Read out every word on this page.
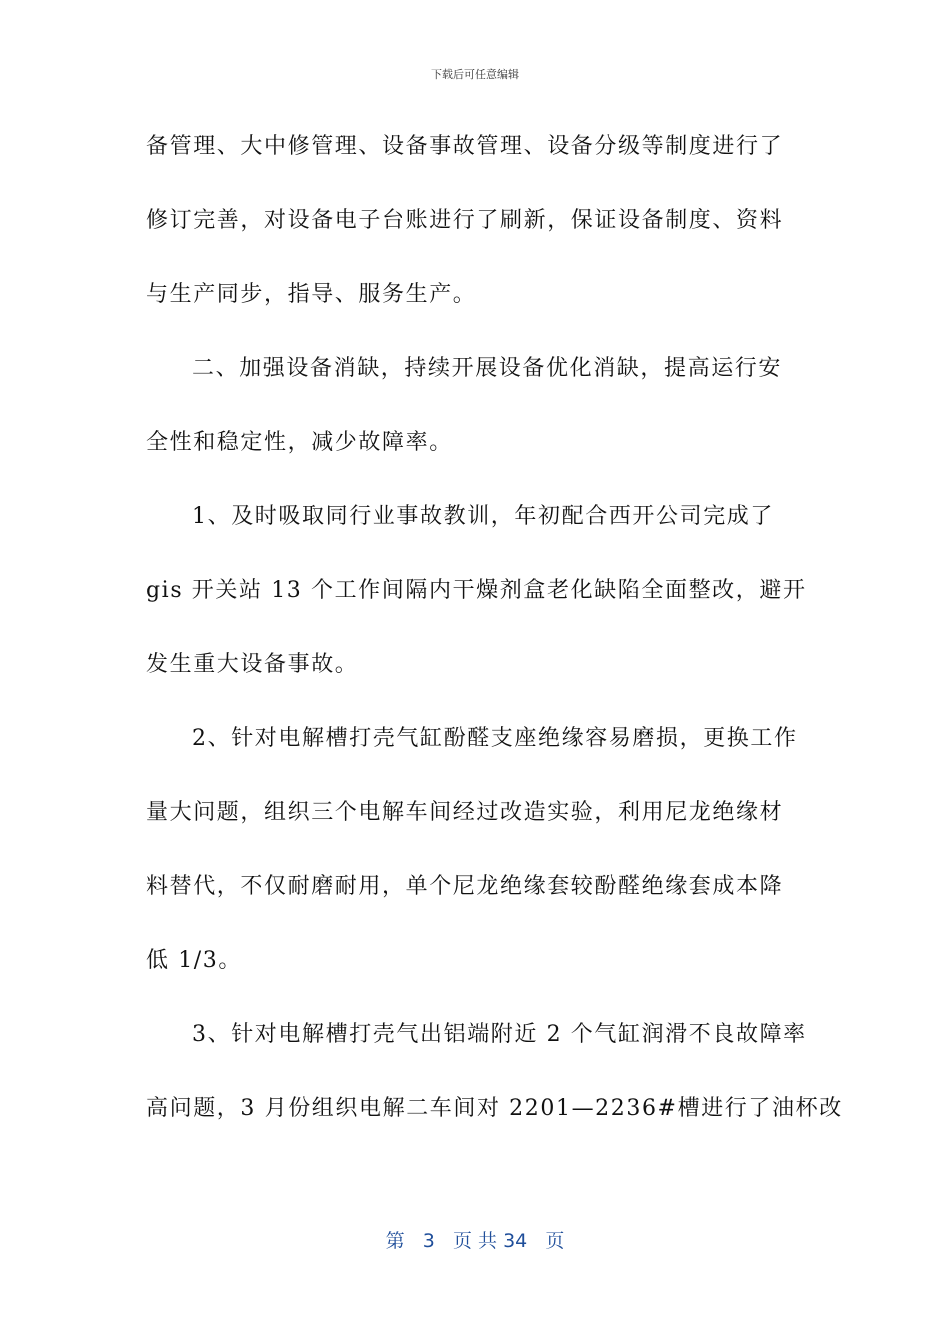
下载后可任意编辑
备管理、大中修管理、设备事故管理、设备分级等制度进行了
修订完善，对设备电子台账进行了刷新，保证设备制度、资料
与生产同步，指导、服务生产。
二、加强设备消缺，持续开展设备优化消缺，提高运行安
全性和稳定性，减少故障率。
1、及时吸取同行业事故教训，年初配合西开公司完成了
gis 开关站 13 个工作间隔内干燥剂盒老化缺陷全面整改，避开
发生重大设备事故。
2、针对电解槽打壳气缸酚醛支座绝缘容易磨损，更换工作
量大问题，组织三个电解车间经过改造实验，利用尼龙绝缘材
料替代，不仅耐磨耐用，单个尼龙绝缘套较酚醛绝缘套成本降
低 1/3。
3、针对电解槽打壳气出铝端附近 2 个气缸润滑不良故障率
高问题，3 月份组织电解二车间对 2201—2236#槽进行了油杯改
第 3 页 共 34 页
